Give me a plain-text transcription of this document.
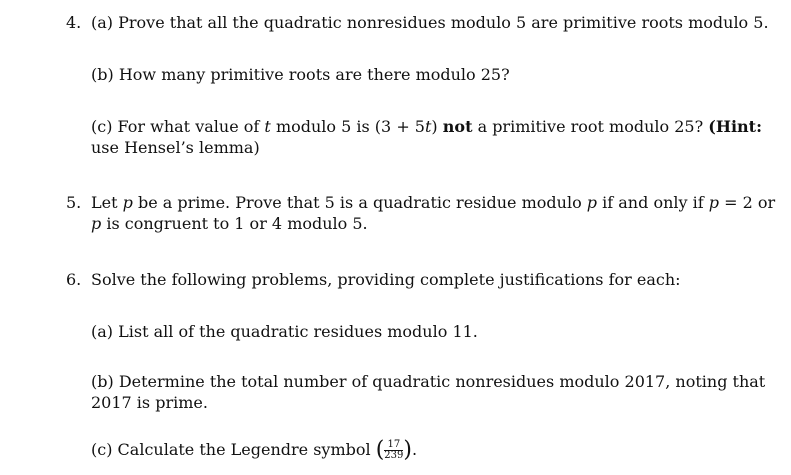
4. (a) Prove that all the quadratic nonresidues modulo 5 are primitive roots modulo 5.
(b) How many primitive roots are there modulo 25?
(c) For what value of t modulo 5 is (3 + 5t) not a primitive root modulo 25? (Hint:
use Hensel’s lemma)
5. Let p be a prime. Prove that 5 is a quadratic residue modulo p if and only if p = 2 or
p is congruent to 1 or 4 modulo 5.
6. Solve the following problems, providing complete justifications for each:
(a) List all of the quadratic residues modulo 11.
(b) Determine the total number of quadratic nonresidues modulo 2017, noting that
2017 is prime.
(c) Calculate the Legendre symbol ( $\frac{17}{239}$ ).
